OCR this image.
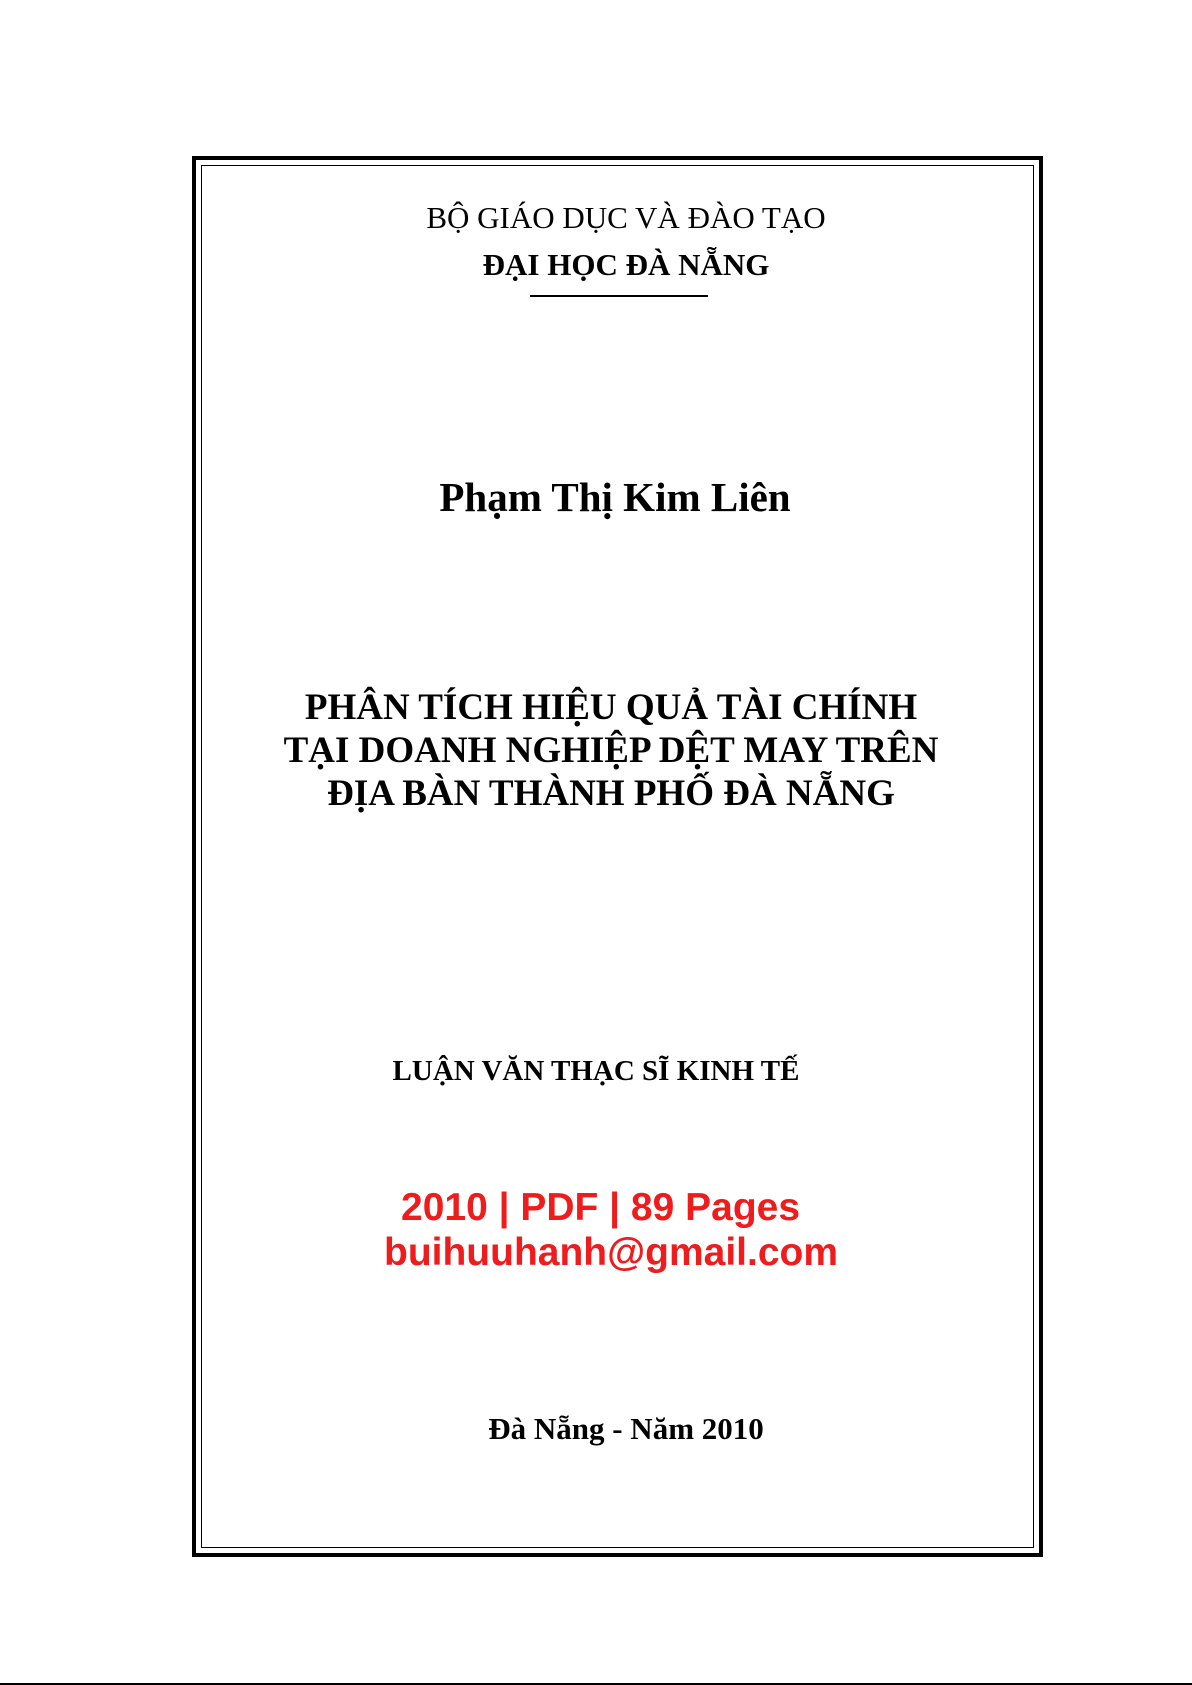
BỘ GIÁO DỤC VÀ ĐÀO TẠO
ĐẠI HỌC ĐÀ NẴNG
Phạm Thị Kim Liên
PHÂN TÍCH HIỆU QUẢ TÀI CHÍNH
TẠI DOANH NGHIỆP DỆT MAY TRÊN
ĐỊA BÀN THÀNH PHỐ ĐÀ NẴNG
LUẬN VĂN THẠC SĨ KINH TẾ
2010 | PDF | 89 Pages
buihuuhanh@gmail.com
Đà Nẵng - Năm 2010
